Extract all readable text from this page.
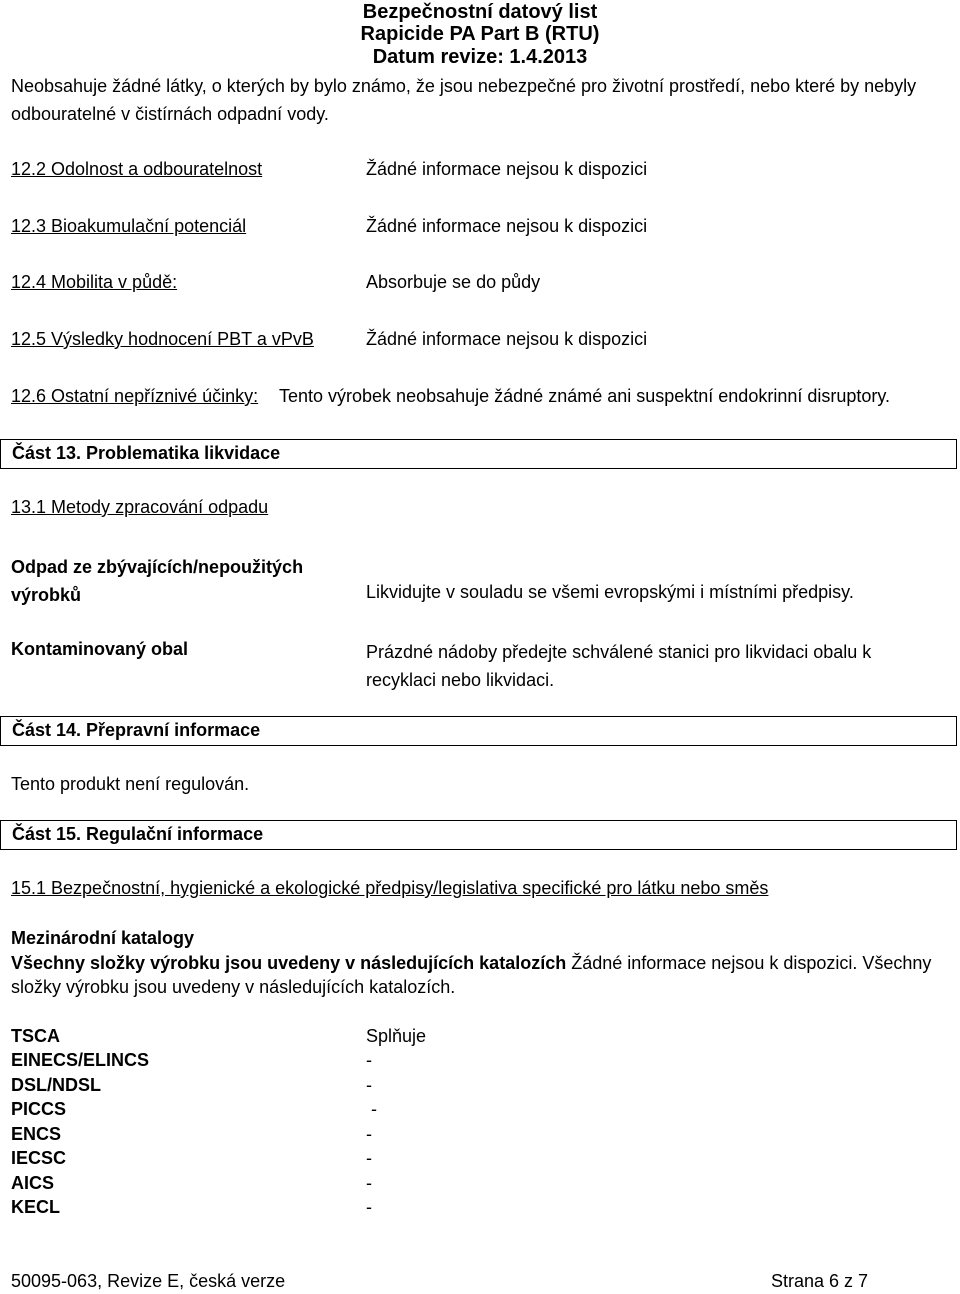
Bezpečnostní datový list
Rapicide PA Part B (RTU)
Datum revize: 1.4.2013
Neobsahuje žádné látky, o kterých by bylo známo, že jsou nebezpečné pro životní prostředí, nebo které by nebyly odbouratelné v čistírnách odpadní vody.
12.2 Odolnost a odbouratelnost	Žádné informace nejsou k dispozici
12.3 Bioakumulační potenciál	Žádné informace nejsou k dispozici
12.4 Mobilita v půdě:	Absorbuje se do půdy
12.5 Výsledky hodnocení PBT a vPvB	Žádné informace nejsou k dispozici
12.6 Ostatní nepříznivé účinky: Tento výrobek neobsahuje žádné známé ani suspektní endokrinní disruptory.
Část 13. Problematika likvidace
13.1 Metody zpracování odpadu
Odpad ze zbývajících/nepoužitých výrobků	Likvidujte v souladu se všemi evropskými i místními předpisy.
Kontaminovaný obal	Prázdné nádoby předejte schválené stanici pro likvidaci obalu k recyklaci nebo likvidaci.
Část 14. Přepravní informace
Tento produkt není regulován.
Část 15. Regulační informace
15.1 Bezpečnostní, hygienické a ekologické předpisy/legislativa specifické pro látku nebo směs
Mezinárodní katalogy
Všechny složky výrobku jsou uvedeny v následujících katalozích Žádné informace nejsou k dispozici. Všechny složky výrobku jsou uvedeny v následujících katalozích.
TSCA	Splňuje
EINECS/ELINCS	-
DSL/NDSL	-
PICCS	-
ENCS	-
IECSC	-
AICS	-
KECL	-
50095-063, Revize E, česká verze	Strana 6 z 7
